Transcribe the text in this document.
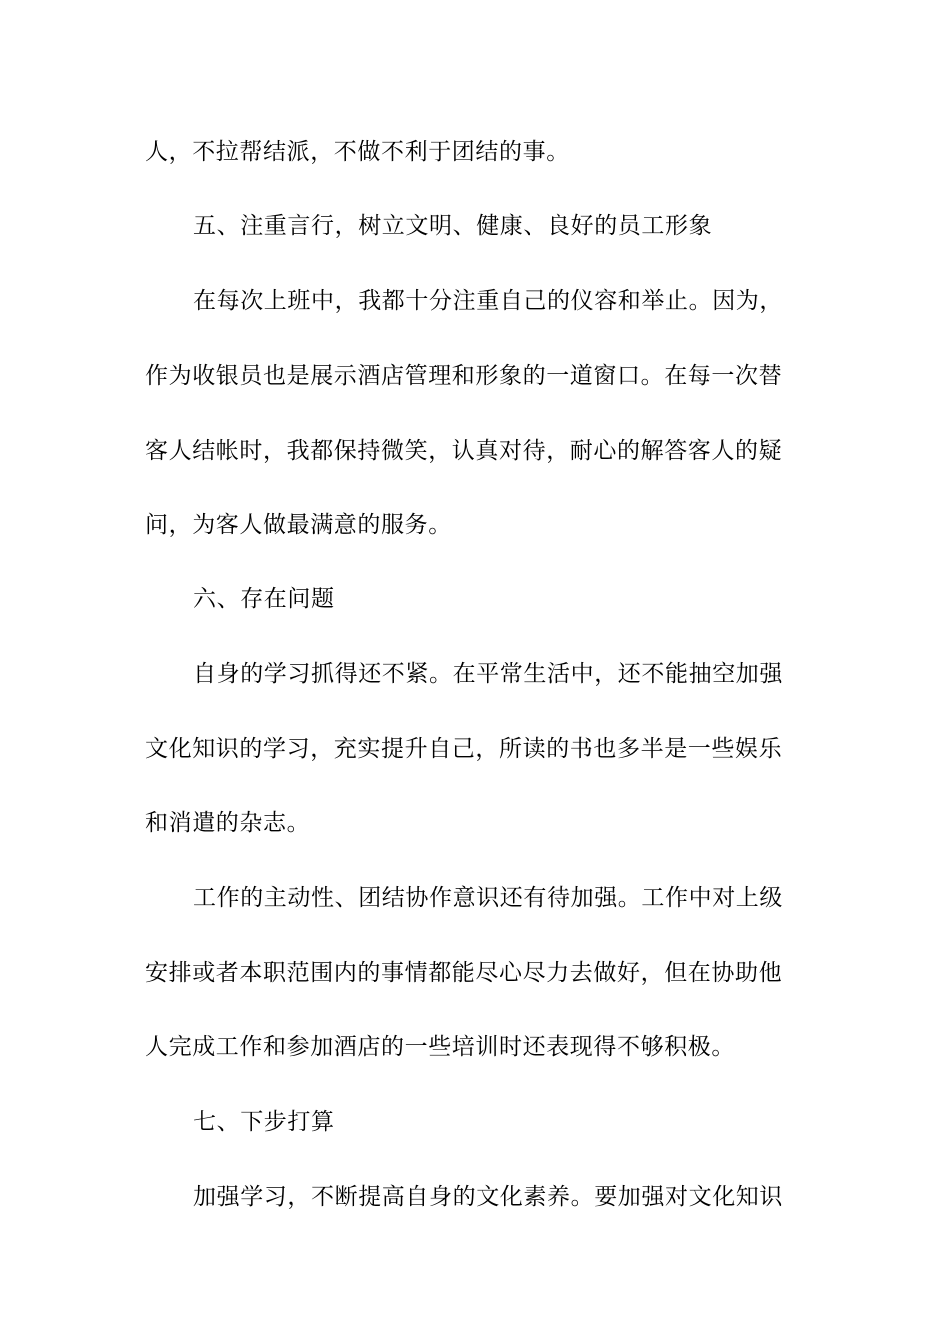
人，不拉帮结派，不做不利于团结的事。
五、注重言行，树立文明、健康、良好的员工形象
在每次上班中，我都十分注重自己的仪容和举止。因为，
作为收银员也是展示酒店管理和形象的一道窗口。在每一次替
客人结帐时，我都保持微笑，认真对待，耐心的解答客人的疑
问，为客人做最满意的服务。
六、存在问题
自身的学习抓得还不紧。在平常生活中，还不能抽空加强
文化知识的学习，充实提升自己，所读的书也多半是一些娱乐
和消遣的杂志。
工作的主动性、团结协作意识还有待加强。工作中对上级
安排或者本职范围内的事情都能尽心尽力去做好，但在协助他
人完成工作和参加酒店的一些培训时还表现得不够积极。
七、下步打算
加强学习，不断提高自身的文化素养。要加强对文化知识
